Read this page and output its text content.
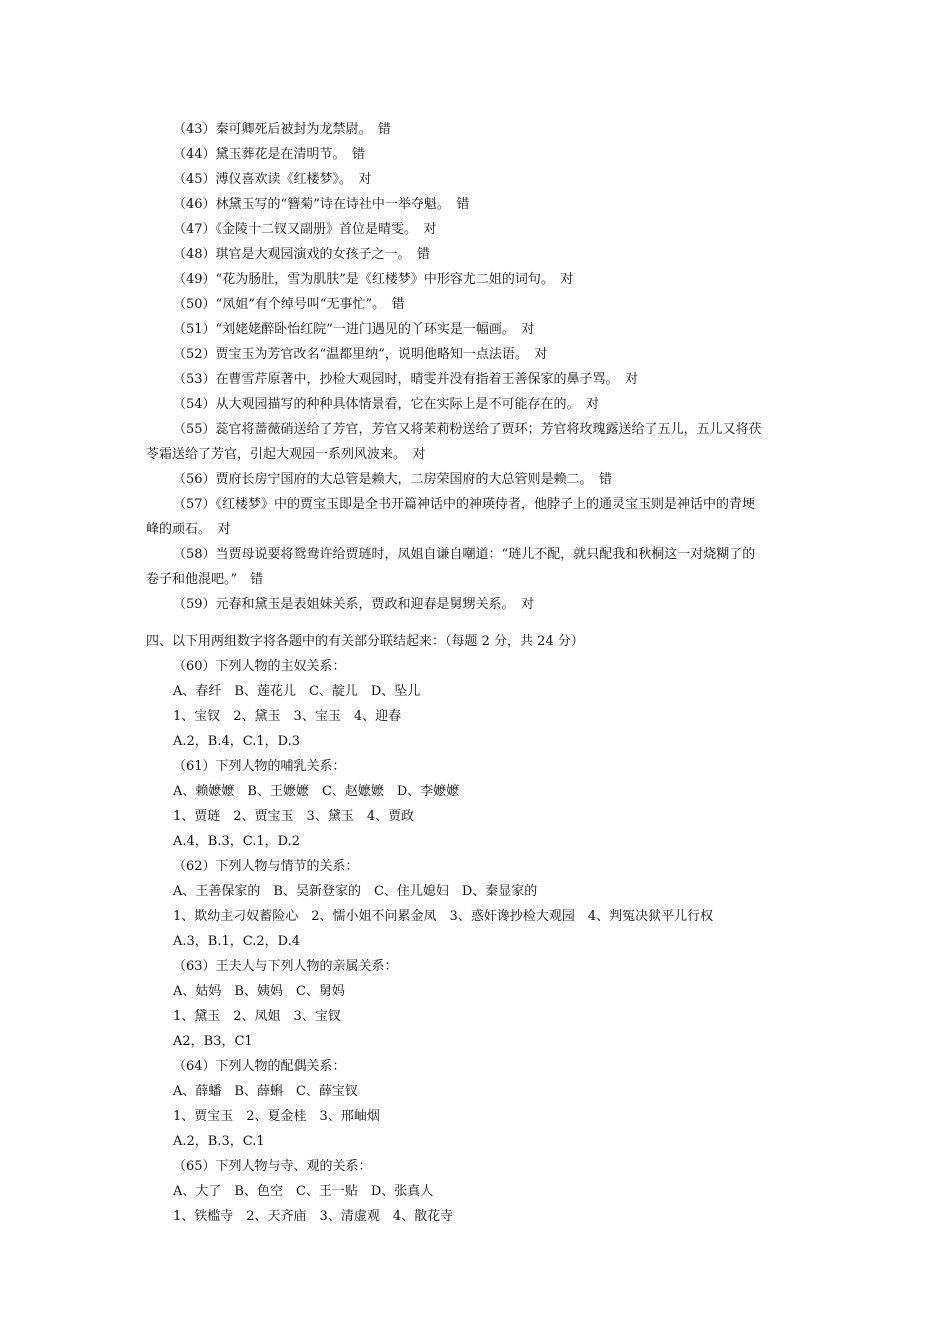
（43）秦可卿死后被封为龙禁尉。　错
（44）黛玉葬花是在清明节。　错
（45）溥仪喜欢读《红楼梦》。　对
（46）林黛玉写的“簪菊”诗在诗社中一举夺魁。　错
（47）《金陵十二钗又副册》首位是晴雯。　对
（48）琪官是大观园演戏的女孩子之一。　错
（49）“花为肠肚，雪为肌肤”是《红楼梦》中形容尤二姐的词句。　对
（50）“凤姐”有个绰号叫“无事忙”。　错
（51）“刘姥姥醉卧怡红院”一进门遇见的丫环实是一幅画。　对
（52）贾宝玉为芳官改名“温都里纳”，说明他略知一点法语。　对
（53）在曹雪芹原著中，抄检大观园时，晴雯并没有指着王善保家的鼻子骂。　对
（54）从大观园描写的种种具体情景看，它在实际上是不可能存在的。　对
（55）蕊官将蔷薇硝送给了芳官，芳官又将茉莉粉送给了贾环；芳官将玫瑰露送给了五儿，五儿又将茯
苓霜送给了芳官，引起大观园一系列风波来。　对
（56）贾府长房宁国府的大总管是赖大，二房荣国府的大总管则是赖二。　错
（57）《红楼梦》中的贾宝玉即是全书开篇神话中的神瑛侍者，他脖子上的通灵宝玉则是神话中的青埂
峰的顽石。　对
（58）当贾母说要将鸳鸯许给贾琏时，凤姐自谦自嘲道：“琏儿不配，就只配我和秋桐这一对烧糊了的
卷子和他混吧。”　错
（59）元春和黛玉是表姐妹关系，贾政和迎春是舅甥关系。　对
四、以下用两组数字将各题中的有关部分联结起来：（每题 2 分，共 24 分）
（60）下列人物的主奴关系：
A、春纤　B、莲花儿　C、靛儿　D、坠儿
1、宝钗　2、黛玉　3、宝玉　4、迎春
A.2，B.4，C.1，D.3
（61）下列人物的哺乳关系：
A、赖嬷嬷　B、王嬷嬷　C、赵嬷嬷　D、李嬷嬷
1、贾琏　2、贾宝玉　3、黛玉　4、贾政
A.4，B.3，C.1，D.2
（62）下列人物与情节的关系：
A、王善保家的　B、吴新登家的　C、住儿媳妇　D、秦显家的
1、欺幼主刁奴蓄险心　2、懦小姐不问累金凤　3、惑奸谗抄检大观园　4、判冤决狱平儿行权
A.3，B.1，C.2，D.4
（63）王夫人与下列人物的亲属关系：
A、姑妈　B、姨妈　C、舅妈
1、黛玉　2、凤姐　3、宝钗
A2，B3，C1
（64）下列人物的配偶关系：
A、薛蟠　B、薛蝌　C、薛宝钗
1、贾宝玉　2、夏金桂　3、邢岫烟
A.2，B.3，C.1
（65）下列人物与寺、观的关系：
A、大了　B、色空　C、王一贴　D、张真人
1、铁槛寺　2、天齐庙　3、清虚观　4、散花寺
